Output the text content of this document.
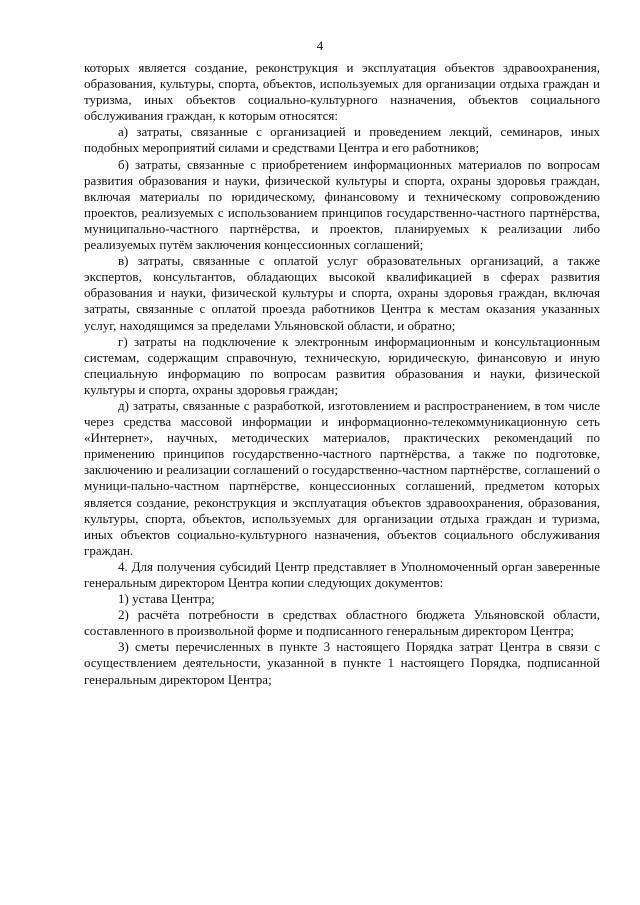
4

которых является создание, реконструкция и эксплуатация объектов здравоохранения, образования, культуры, спорта, объектов, используемых для организации отдыха граждан и туризма, иных объектов социально-культурного назначения, объектов социального обслуживания граждан, к которым относятся:

а) затраты, связанные с организацией и проведением лекций, семинаров, иных подобных мероприятий силами и средствами Центра и его работников;

б) затраты, связанные с приобретением информационных материалов по вопросам развития образования и науки, физической культуры и спорта, охраны здоровья граждан, включая материалы по юридическому, финансовому и техническому сопровождению проектов, реализуемых с использованием принципов государственно-частного партнёрства, муниципально-частного партнёрства, и проектов, планируемых к реализации либо реализуемых путём заключения концессионных соглашений;

в) затраты, связанные с оплатой услуг образовательных организаций, а также экспертов, консультантов, обладающих высокой квалификацией в сферах развития образования и науки, физической культуры и спорта, охраны здоровья граждан, включая затраты, связанные с оплатой проезда работников Центра к местам оказания указанных услуг, находящимся за пределами Ульяновской области, и обратно;

г) затраты на подключение к электронным информационным и консультационным системам, содержащим справочную, техническую, юридическую, финансовую и иную специальную информацию по вопросам развития образования и науки, физической культуры и спорта, охраны здоровья граждан;

д) затраты, связанные с разработкой, изготовлением и распространением, в том числе через средства массовой информации и информационно-телекоммуникационную сеть «Интернет», научных, методических материалов, практических рекомендаций по применению принципов государственно-частного партнёрства, а также по подготовке, заключению и реализации соглашений о государственно-частном партнёрстве, соглашений о муници-пально-частном партнёрстве, концессионных соглашений, предметом которых является создание, реконструкция и эксплуатация объектов здравоохранения, образования, культуры, спорта, объектов, используемых для организации отдыха граждан и туризма, иных объектов социально-культурного назначения, объектов социального обслуживания граждан.

4. Для получения субсидий Центр представляет в Уполномоченный орган заверенные генеральным директором Центра копии следующих документов:

1) устава Центра;

2) расчёта потребности в средствах областного бюджета Ульяновской области, составленного в произвольной форме и подписанного генеральным директором Центра;

3) сметы перечисленных в пункте 3 настоящего Порядка затрат Центра в связи с осуществлением деятельности, указанной в пункте 1 настоящего Порядка, подписанной генеральным директором Центра;
